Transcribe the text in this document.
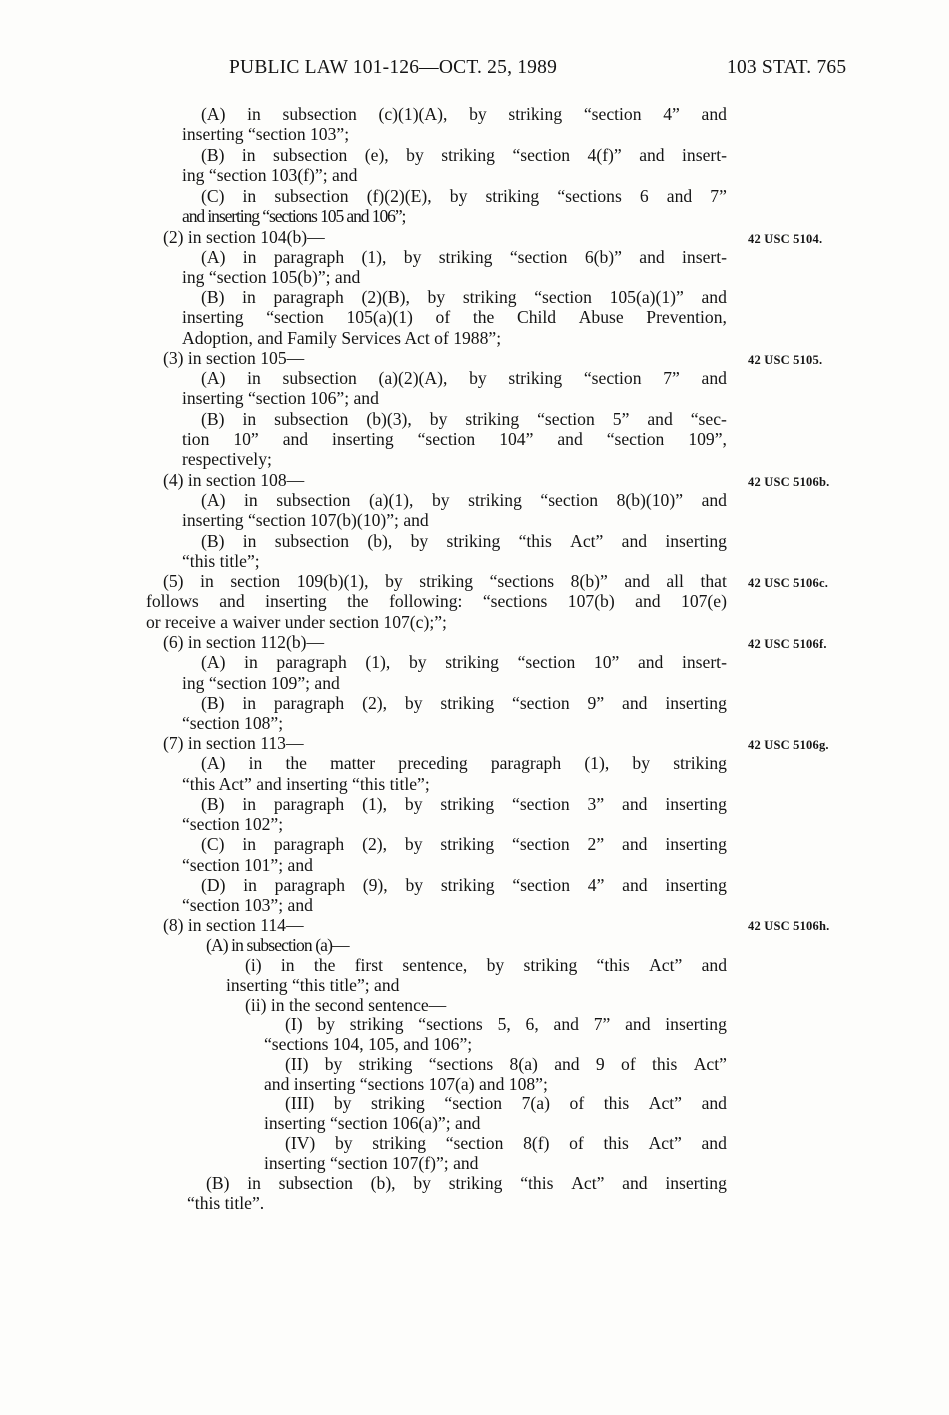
PUBLIC LAW 101-126—OCT. 25, 1989	103 STAT. 765
(A) in subsection (c)(1)(A), by striking “section 4” and
inserting “section 103”;
(B) in subsection (e), by striking “section 4(f)” and insert-
ing “section 103(f)”; and
(C) in subsection (f)(2)(E), by striking “sections 6 and 7”
and inserting “sections 105 and 106”;
(2) in section 104(b)—
(A) in paragraph (1), by striking “section 6(b)” and insert-
ing “section 105(b)”; and
(B) in paragraph (2)(B), by striking “section 105(a)(1)” and
inserting “section 105(a)(1) of the Child Abuse Prevention,
Adoption, and Family Services Act of 1988”;
(3) in section 105—
(A) in subsection (a)(2)(A), by striking “section 7” and
inserting “section 106”; and
(B) in subsection (b)(3), by striking “section 5” and “sec-
tion 10” and inserting “section 104” and “section 109”,
respectively;
(4) in section 108—
(A) in subsection (a)(1), by striking “section 8(b)(10)” and
inserting “section 107(b)(10)”; and
(B) in subsection (b), by striking “this Act” and inserting
“this title”;
(5) in section 109(b)(1), by striking “sections 8(b)” and all that
follows and inserting the following: “sections 107(b) and 107(e)
or receive a waiver under section 107(c);”;
(6) in section 112(b)—
(A) in paragraph (1), by striking “section 10” and insert-
ing “section 109”; and
(B) in paragraph (2), by striking “section 9” and inserting
“section 108”;
(7) in section 113—
(A) in the matter preceding paragraph (1), by striking
“this Act” and inserting “this title”;
(B) in paragraph (1), by striking “section 3” and inserting
“section 102”;
(C) in paragraph (2), by striking “section 2” and inserting
“section 101”; and
(D) in paragraph (9), by striking “section 4” and inserting
“section 103”; and
(8) in section 114—
(A) in subsection (a)—
(i) in the first sentence, by striking “this Act” and
inserting “this title”; and
(ii) in the second sentence—
(I) by striking “sections 5, 6, and 7” and inserting
“sections 104, 105, and 106”;
(II) by striking “sections 8(a) and 9 of this Act”
and inserting “sections 107(a) and 108”;
(III) by striking “section 7(a) of this Act” and
inserting “section 106(a)”; and
(IV) by striking “section 8(f) of this Act” and
inserting “section 107(f)”; and
(B) in subsection (b), by striking “this Act” and inserting
“this title”.
42 USC 5104.
42 USC 5105.
42 USC 5106b.
42 USC 5106c.
42 USC 5106f.
42 USC 5106g.
42 USC 5106h.
